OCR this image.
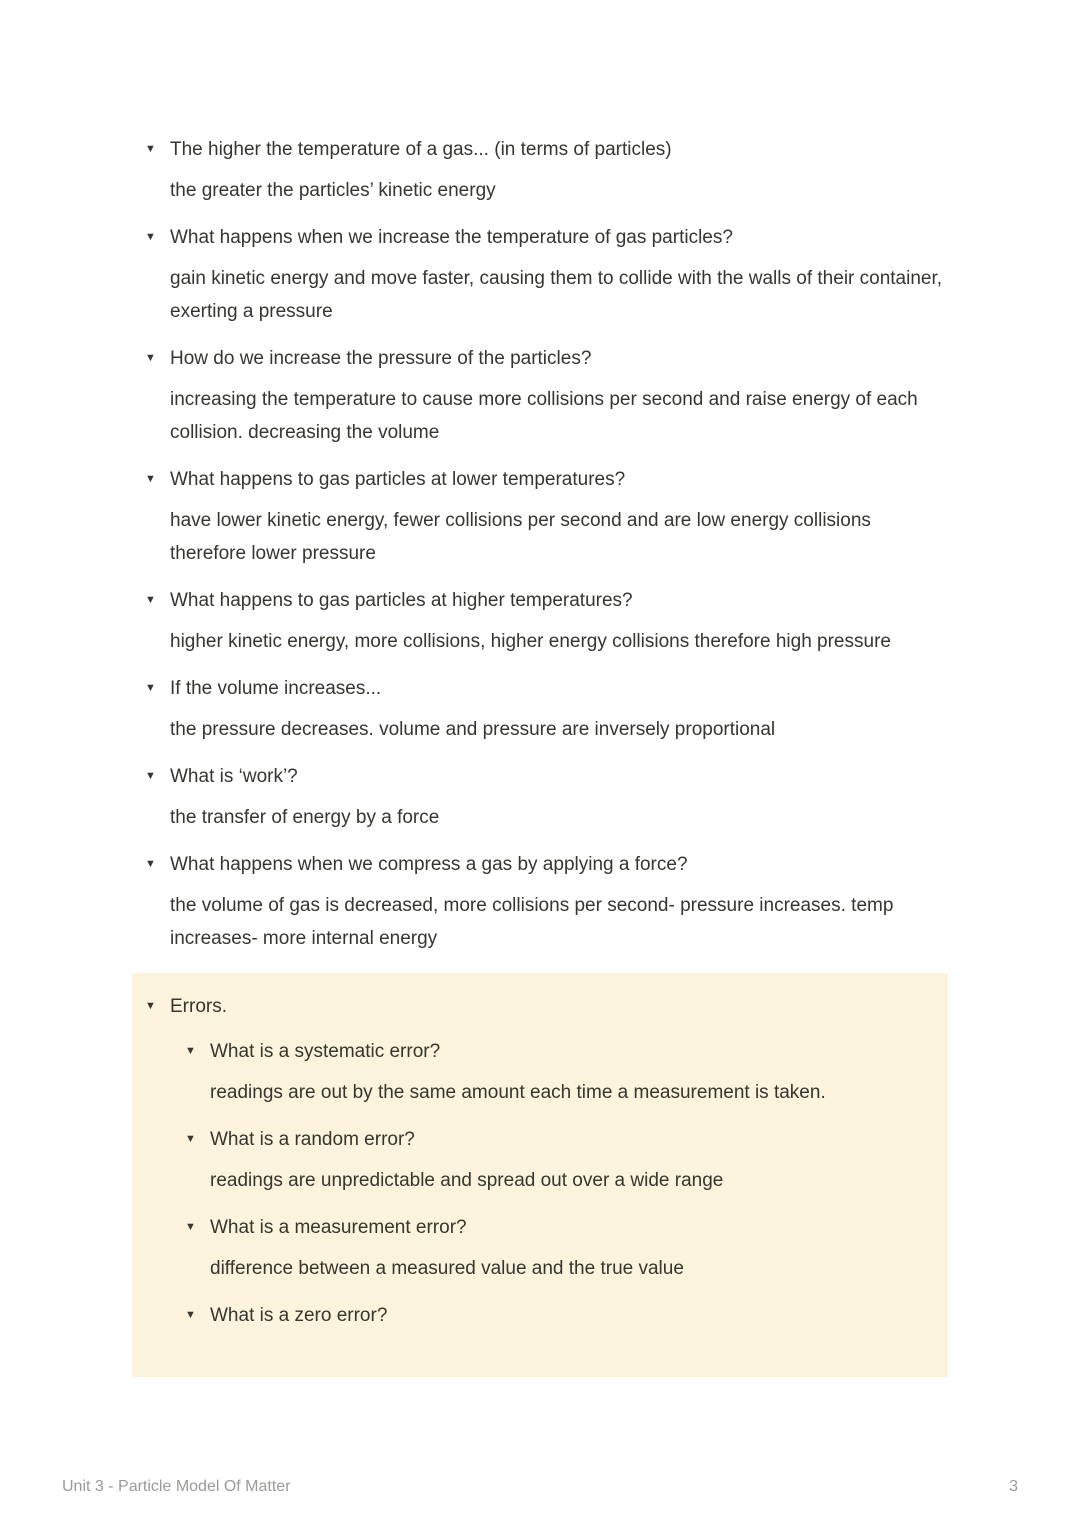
▼ The higher the temperature of a gas... (in terms of particles)
the greater the particles’ kinetic energy
▼ What happens when we increase the temperature of gas particles?
gain kinetic energy and move faster, causing them to collide with the walls of their container, exerting a pressure
▼ How do we increase the pressure of the particles?
increasing the temperature to cause more collisions per second and raise energy of each collision. decreasing the volume
▼ What happens to gas particles at lower temperatures?
have lower kinetic energy, fewer collisions per second and are low energy collisions therefore lower pressure
▼ What happens to gas particles at higher temperatures?
higher kinetic energy, more collisions, higher energy collisions therefore high pressure
▼ If the volume increases...
the pressure decreases. volume and pressure are inversely proportional
▼ What is ‘work’?
the transfer of energy by a force
▼ What happens when we compress a gas by applying a force?
the volume of gas is decreased, more collisions per second- pressure increases. temp increases- more internal energy
▼ Errors.
▼ What is a systematic error?
readings are out by the same amount each time a measurement is taken.
▼ What is a random error?
readings are unpredictable and spread out over a wide range
▼ What is a measurement error?
difference between a measured value and the true value
▼ What is a zero error?
Unit 3 - Particle Model Of Matter	3
